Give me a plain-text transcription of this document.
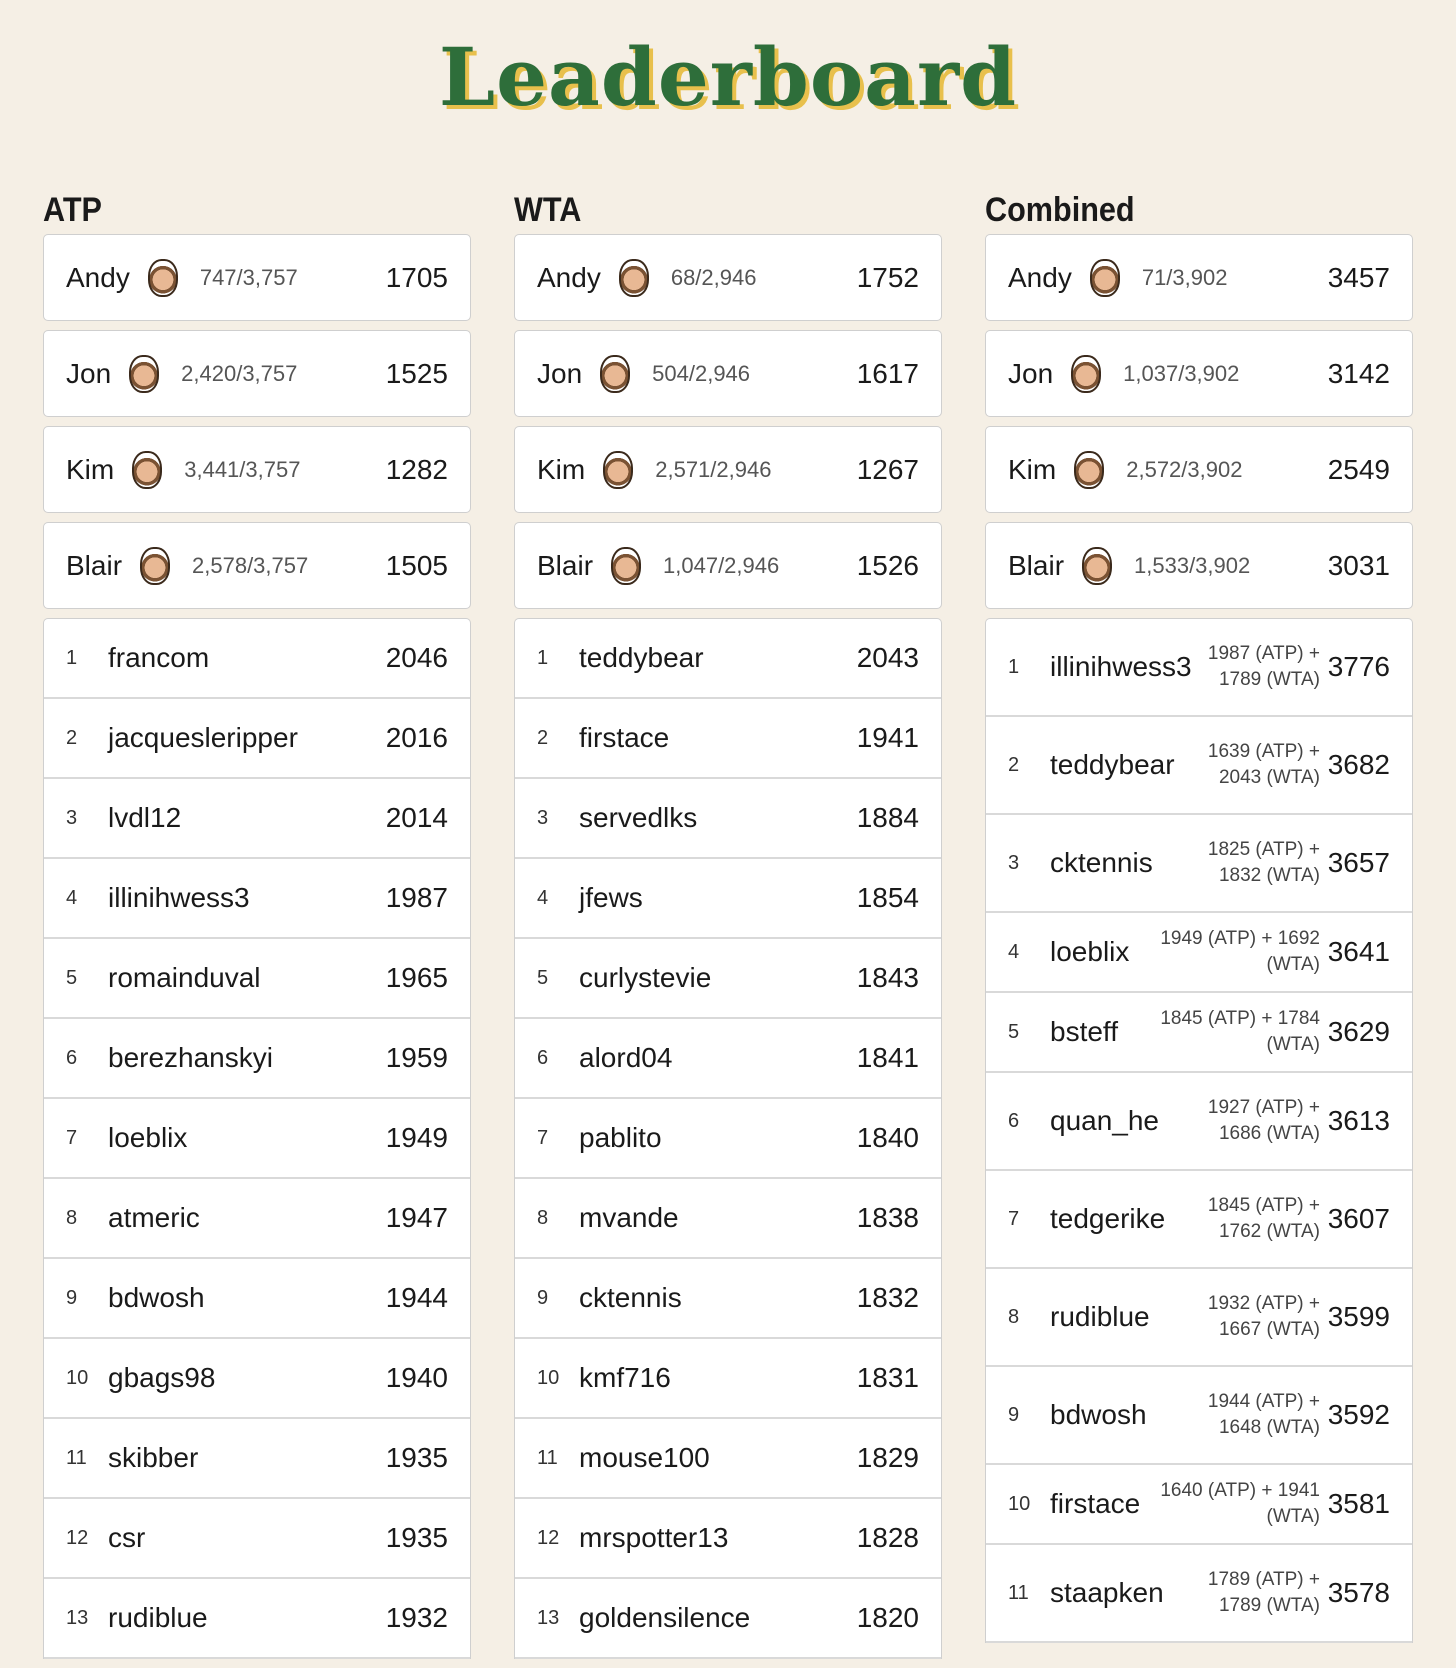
Leaderboard
ATP
Andy	747/3,757	1705
Jon	2,420/3,757	1525
Kim	3,441/3,757	1282
Blair	2,578/3,757	1505
1	francom	2046
2	jacquesleripper	2016
3	lvdl12	2014
4	illinihwess3	1987
5	romainduval	1965
6	berezhanskyi	1959
7	loeblix	1949
8	atmeric	1947
9	bdwosh	1944
10 gbags98	1940
11 skibber	1935
12 csr	1935
13 rudiblue	1932
WTA
Andy	68/2,946	1752
Jon	504/2,946	1617
Kim	2,571/2,946	1267
Blair	1,047/2,946	1526
1	teddybear	2043
2	firstace	1941
3	servedlks	1884
4	jfews	1854
5	curlystevie	1843
6	alord04	1841
7	pablito	1840
8	mvande	1838
9	cktennis	1832
10 kmf716	1831
11 mouse100	1829
12 mrspotter13	1828
13 goldensilence	1820
Combined
Andy	71/3,902	3457
Jon	1,037/3,902	3142
Kim	2,572/3,902	2549
Blair	1,533/3,902	3031
1	illinihwess3 1987 (ATP) + 1789 (WTA) 3776
2	teddybear	1639 (ATP) + 2043 (WTA) 3682
3	cktennis	1825 (ATP) + 1832 (WTA) 3657
4	loeblix	1949 (ATP) + 1692 (WTA) 3641
5	bsteff	1845 (ATP) + 1784 (WTA) 3629
6	quan_he	1927 (ATP) + 1686 (WTA) 3613
7	tedgerike	1845 (ATP) + 1762 (WTA) 3607
8	rudiblue	1932 (ATP) + 1667 (WTA) 3599
9	bdwosh	1944 (ATP) + 1648 (WTA) 3592
10 firstace	1640 (ATP) + 1941 (WTA) 3581
11 staapken	1789 (ATP) + 1789 (WTA) 3578
